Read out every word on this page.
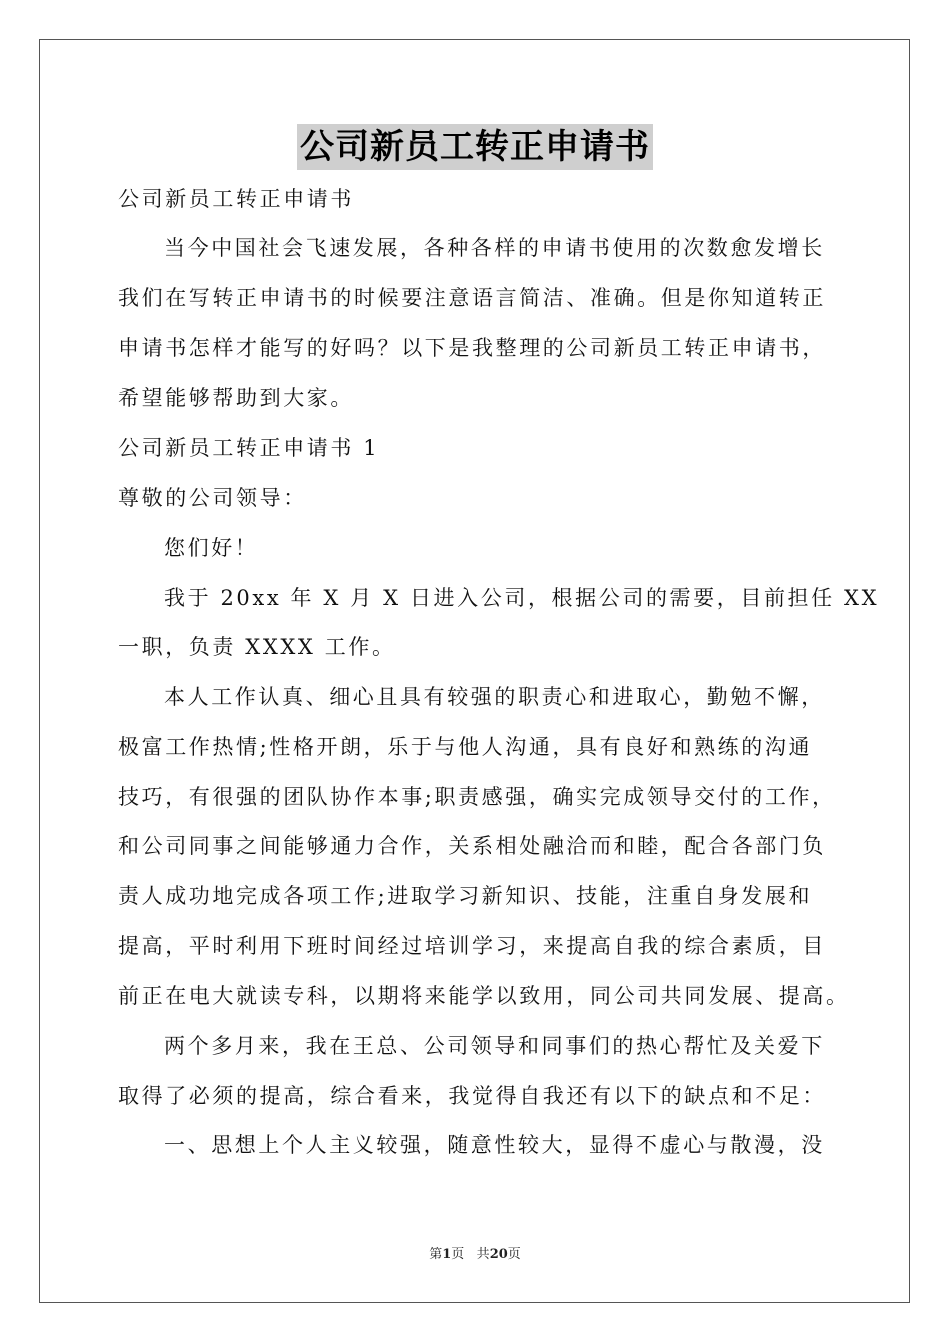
公司新员工转正申请书
公司新员工转正申请书
当今中国社会飞速发展，各种各样的申请书使用的次数愈发增长
我们在写转正申请书的时候要注意语言简洁、准确。但是你知道转正
申请书怎样才能写的好吗？以下是我整理的公司新员工转正申请书，
希望能够帮助到大家。
公司新员工转正申请书 1
尊敬的公司领导：
您们好！
我于 20xx 年 X 月 X 日进入公司，根据公司的需要，目前担任 XX
一职，负责 XXXX 工作。
本人工作认真、细心且具有较强的职责心和进取心，勤勉不懈，
极富工作热情;性格开朗，乐于与他人沟通，具有良好和熟练的沟通
技巧，有很强的团队协作本事;职责感强，确实完成领导交付的工作，
和公司同事之间能够通力合作，关系相处融洽而和睦，配合各部门负
责人成功地完成各项工作;进取学习新知识、技能，注重自身发展和
提高，平时利用下班时间经过培训学习，来提高自我的综合素质，目
前正在电大就读专科，以期将来能学以致用，同公司共同发展、提高。
两个多月来，我在王总、公司领导和同事们的热心帮忙及关爱下
取得了必须的提高，综合看来，我觉得自我还有以下的缺点和不足：
一、思想上个人主义较强，随意性较大，显得不虚心与散漫，没
第1页 共20页
